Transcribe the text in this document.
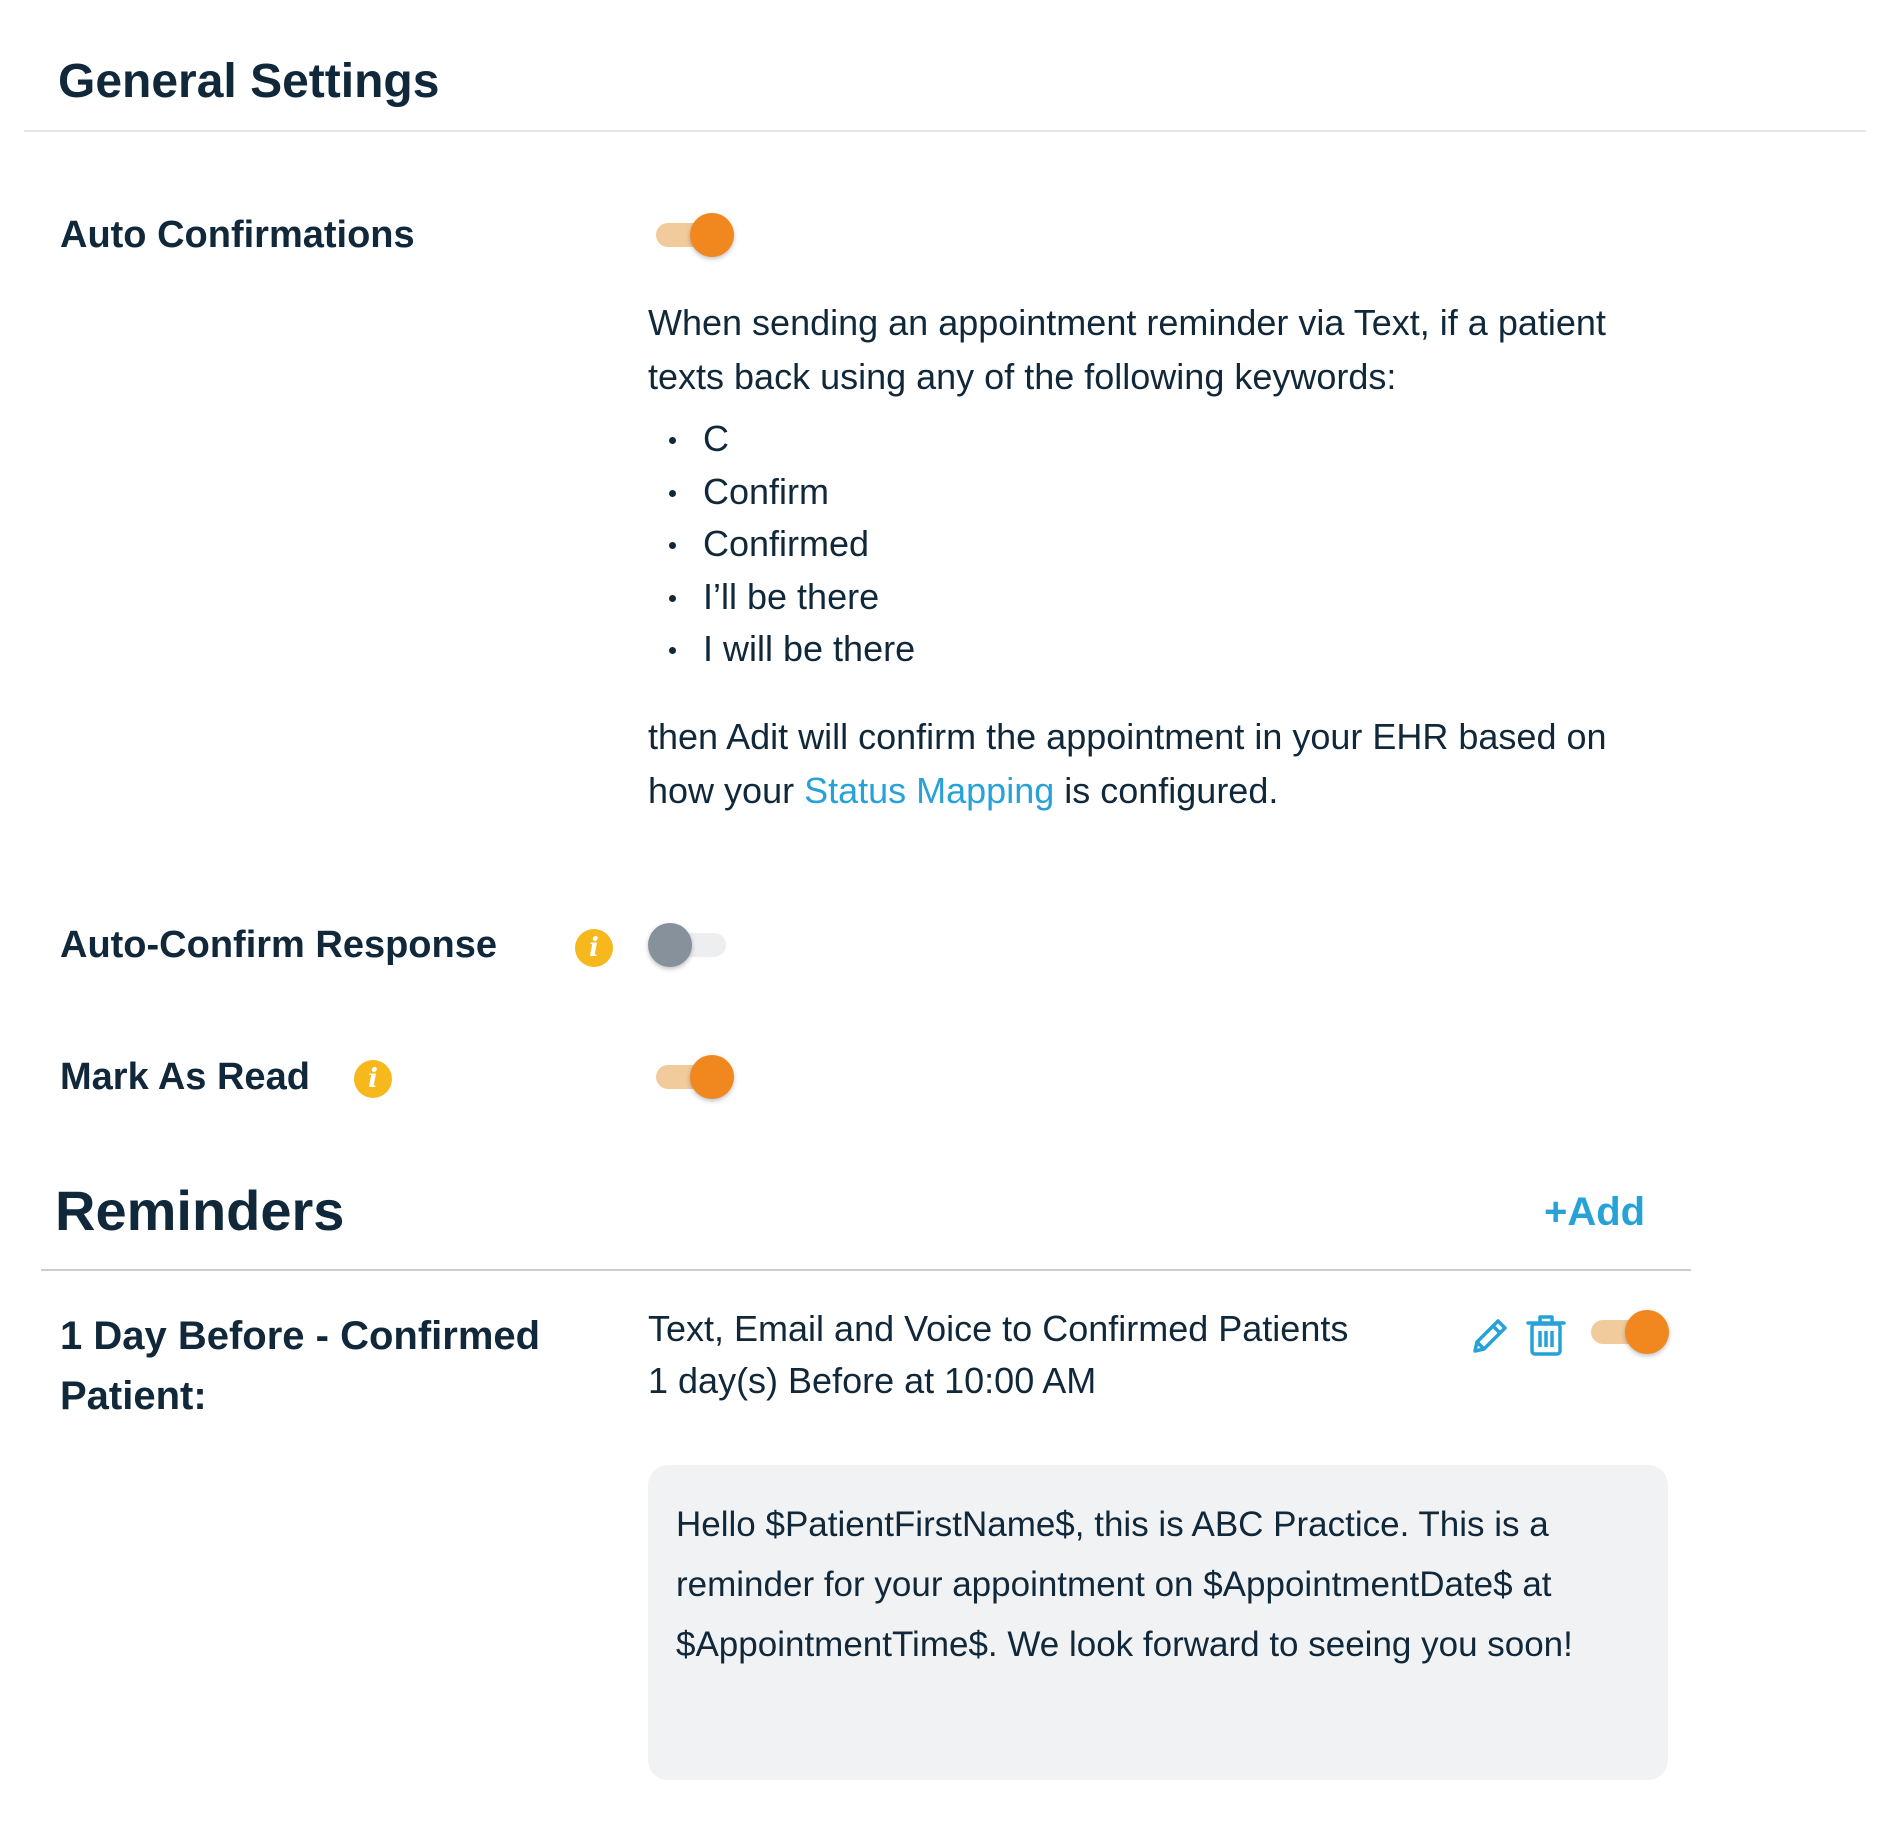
General Settings
Auto Confirmations

When sending an appointment reminder via Text, if a patient texts back using any of the following keywords:

C
Confirm
Confirmed
I’ll be there
I will be there

then Adit will confirm the appointment in your EHR based on how your Status Mapping is configured.

Auto-Confirm Response	i
Mark As Read	i
Reminders	+Add
1 Day Before - Confirmed Patient:
Text, Email and Voice to Confirmed Patients
1 day(s) Before at 10:00 AM
Hello $PatientFirstName$, this is ABC Practice. This is a reminder for your appointment on $AppointmentDate$ at $AppointmentTime$. We look forward to seeing you soon!
